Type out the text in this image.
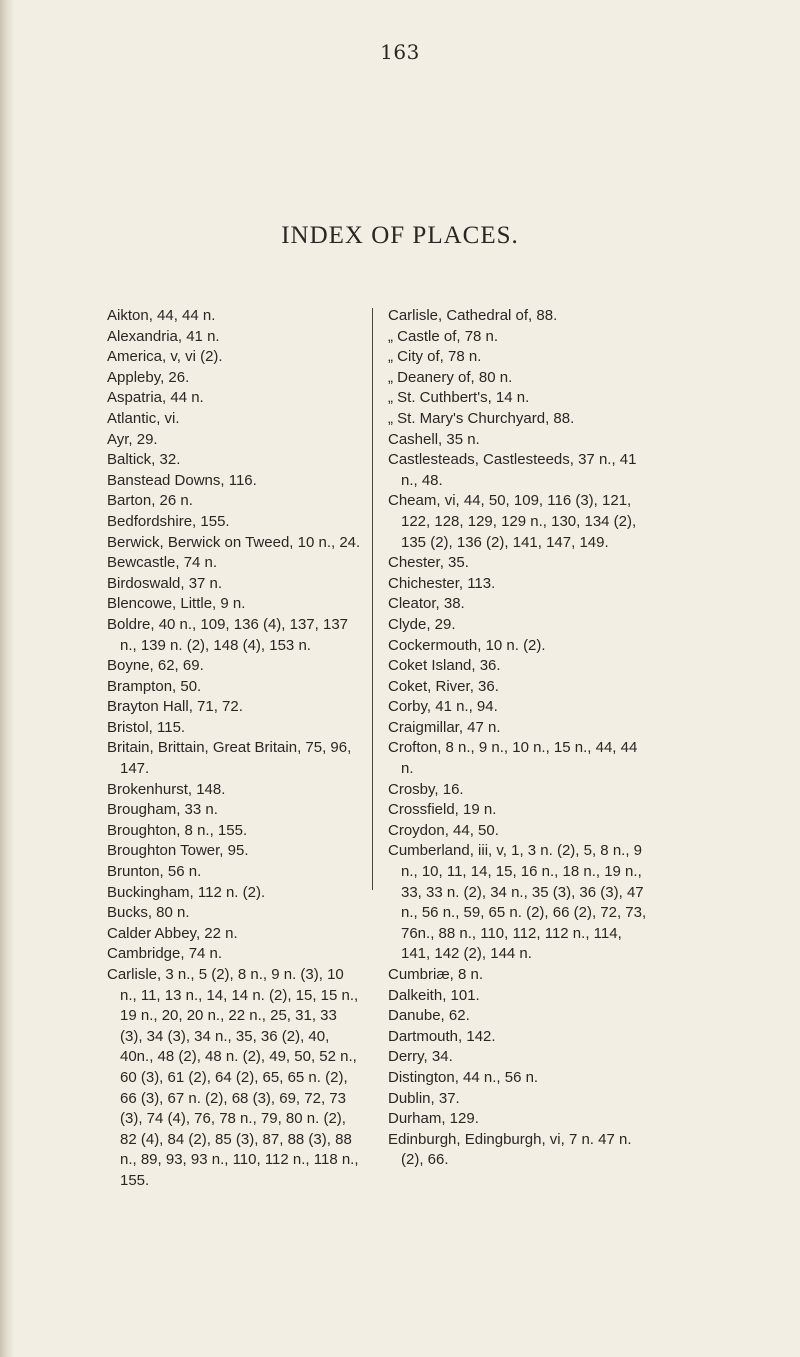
163
INDEX OF PLACES.

Aikton, 44, 44 n.

Alexandria, 41 n.

America, v, vi (2).

Appleby, 26.

Aspatria, 44 n.

Atlantic, vi.

Ayr, 29.

Baltick, 32.

Banstead Downs, 116.

Barton, 26 n.

Bedfordshire, 155.

Berwick, Berwick on Tweed, 10 n., 24.

Bewcastle, 74 n.

Birdoswald, 37 n.

Blencowe, Little, 9 n.

Boldre, 40 n., 109, 136 (4), 137, 137 n., 139 n. (2), 148 (4), 153 n.

Boyne, 62, 69.

Brampton, 50.

Brayton Hall, 71, 72.

Bristol, 115.

Britain, Brittain, Great Britain, 75, 96, 147.

Brokenhurst, 148.

Brougham, 33 n.

Broughton, 8 n., 155.

Broughton Tower, 95.

Brunton, 56 n.

Buckingham, 112 n. (2).

Bucks, 80 n.

Calder Abbey, 22 n.

Cambridge, 74 n.

Carlisle, 3 n., 5 (2), 8 n., 9 n. (3), 10 n., 11, 13 n., 14, 14 n. (2), 15, 15 n., 19 n., 20, 20 n., 22 n., 25, 31, 33 (3), 34 (3), 34 n., 35, 36 (2), 40, 40n., 48 (2), 48 n. (2), 49, 50, 52 n., 60 (3), 61 (2), 64 (2), 65, 65 n. (2), 66 (3), 67 n. (2), 68 (3), 69, 72, 73 (3), 74 (4), 76, 78 n., 79, 80 n. (2), 82 (4), 84 (2), 85 (3), 87, 88 (3), 88 n., 89, 93, 93 n., 110, 112 n., 118 n., 155.

Carlisle, Cathedral of, 88.

„ Castle of, 78 n.

„ City of, 78 n.

„ Deanery of, 80 n.

„ St. Cuthbert's, 14 n.

„ St. Mary's Churchyard, 88.

Cashell, 35 n.

Castlesteads, Castlesteeds, 37 n., 41 n., 48.

Cheam, vi, 44, 50, 109, 116 (3), 121, 122, 128, 129, 129 n., 130, 134 (2), 135 (2), 136 (2), 141, 147, 149.

Chester, 35.

Chichester, 113.

Cleator, 38.

Clyde, 29.

Cockermouth, 10 n. (2).

Coket Island, 36.

Coket, River, 36.

Corby, 41 n., 94.

Craigmillar, 47 n.

Crofton, 8 n., 9 n., 10 n., 15 n., 44, 44 n.

Crosby, 16.

Crossfield, 19 n.

Croydon, 44, 50.

Cumberland, iii, v, 1, 3 n. (2), 5, 8 n., 9 n., 10, 11, 14, 15, 16 n., 18 n., 19 n., 33, 33 n. (2), 34 n., 35 (3), 36 (3), 47 n., 56 n., 59, 65 n. (2), 66 (2), 72, 73, 76n., 88 n., 110, 112, 112 n., 114, 141, 142 (2), 144 n.

Cumbriæ, 8 n.

Dalkeith, 101.

Danube, 62.

Dartmouth, 142.

Derry, 34.

Distington, 44 n., 56 n.

Dublin, 37.

Durham, 129.

Edinburgh, Edingburgh, vi, 7 n. 47 n. (2), 66.
